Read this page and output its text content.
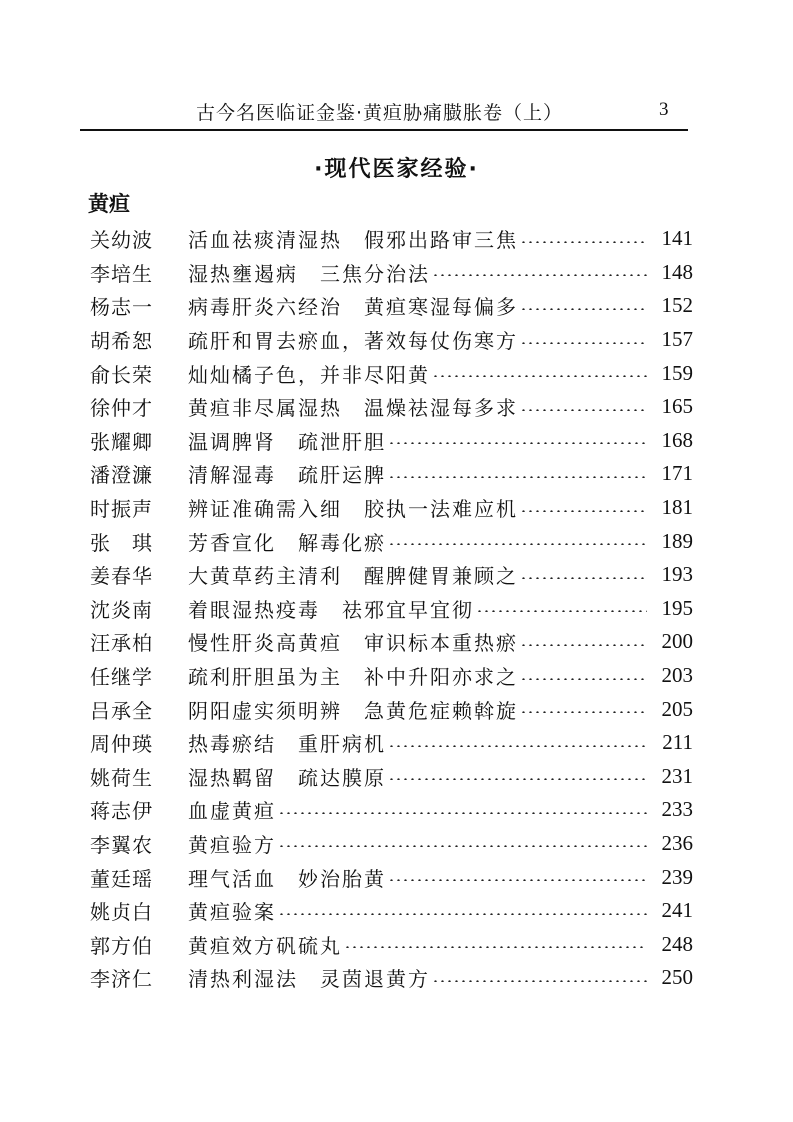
古今名医临证金鉴·黄疸胁痛臌胀卷（上）	3
·现代医家经验·
黄疸
关幼波	活血祛痰清湿热　假邪出路审三焦	141
李培生	湿热壅遏病　三焦分治法	148
杨志一	病毒肝炎六经治　黄疸寒湿每偏多	152
胡希恕	疏肝和胃去瘀血，著效每仗伤寒方	157
俞长荣	灿灿橘子色，并非尽阳黄	159
徐仲才	黄疸非尽属湿热　温燥祛湿每多求	165
张耀卿	温调脾肾　疏泄肝胆	168
潘澄濂	清解湿毒　疏肝运脾	171
时振声	辨证准确需入细　胶执一法难应机	181
张　琪	芳香宣化　解毒化瘀	189
姜春华	大黄草药主清利　醒脾健胃兼顾之	193
沈炎南	着眼湿热疫毒　祛邪宜早宜彻	195
汪承柏	慢性肝炎高黄疸　审识标本重热瘀	200
任继学	疏利肝胆虽为主　补中升阳亦求之	203
吕承全	阴阳虚实须明辨　急黄危症赖斡旋	205
周仲瑛	热毒瘀结　重肝病机	211
姚荷生	湿热羁留　疏达膜原	231
蒋志伊	血虚黄疸	233
李翼农	黄疸验方	236
董廷瑶	理气活血　妙治胎黄	239
姚贞白	黄疸验案	241
郭方伯	黄疸效方矾硫丸	248
李济仁	清热利湿法　灵茵退黄方	250
